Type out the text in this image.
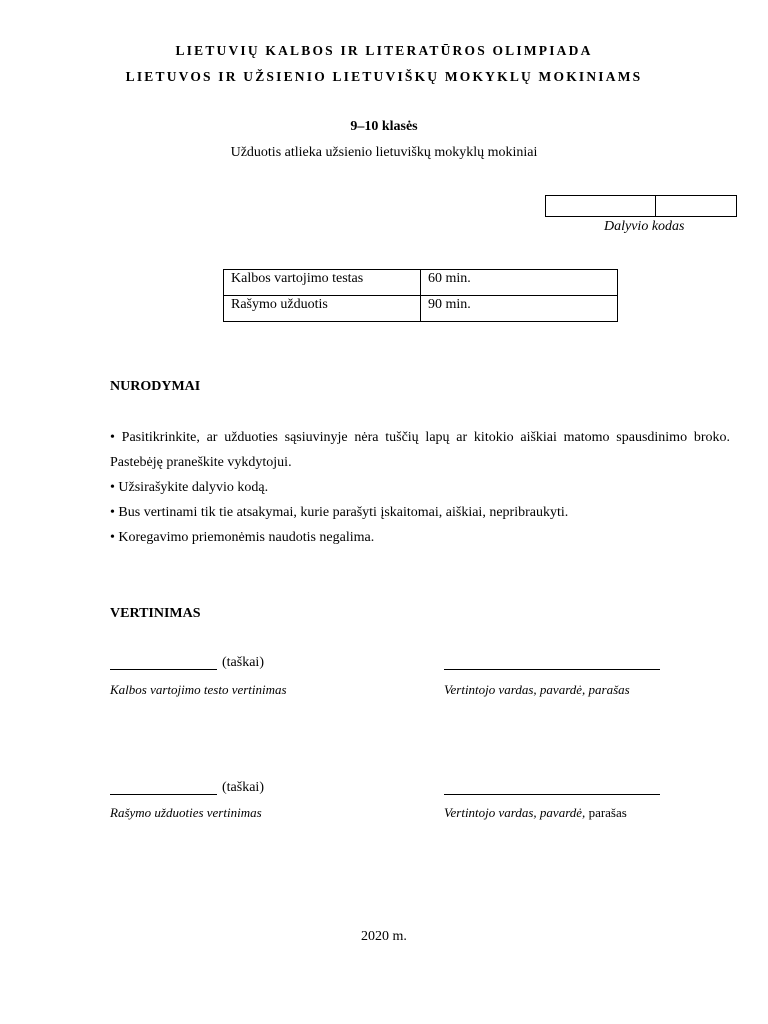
LIETUVIŲ KALBOS IR LITERATŪROS OLIMPIADA
LIETUVOS IR UŽSIENIO LIETUVIŠKŲ MOKYKLŲ MOKINIAMS
9–10 klasės
Užduotis atlieka užsienio lietuviškų mokyklų mokiniai
Dalyvio kodas
Kalbos vartojimo testas	60 min.
Rašymo užduotis	90 min.
NURODYMAI

• Pasitikrinkite, ar užduoties sąsiuvinyje nėra tuščių lapų ar kitokio aiškiai matomo spausdinimo broko. Pastebėję praneškite vykdytojui.

• Užsirašykite dalyvio kodą.

• Bus vertinami tik tie atsakymai, kurie parašyti įskaitomai, aiškiai, nepribraukyti.

• Koregavimo priemonėmis naudotis negalima.

VERTINIMAS
(taškai)
Kalbos vartojimo testo vertinimas	Vertintojo vardas, pavardė, parašas
(taškai)
Rašymo užduoties vertinimas	Vertintojo vardas, pavardė, parašas
2020 m.
